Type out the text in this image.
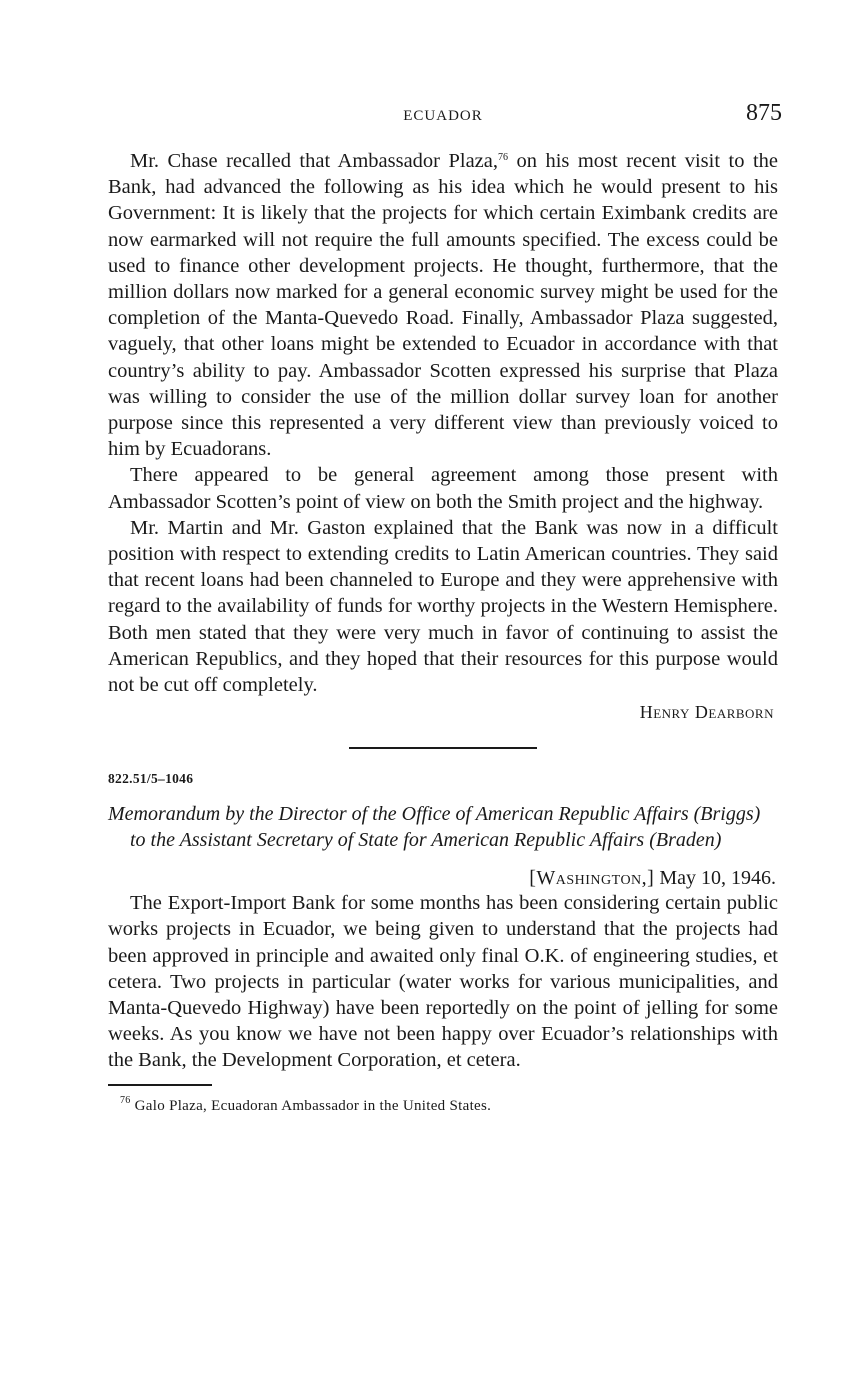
ECUADOR	875

Mr. Chase recalled that Ambassador Plaza,$^{76}$ on his most recent visit to the Bank, had advanced the following as his idea which he would present to his Government: It is likely that the projects for which certain Eximbank credits are now earmarked will not require the full amounts specified. The excess could be used to finance other development projects. He thought, furthermore, that the million dollars now marked for a general economic survey might be used for the completion of the Manta-Quevedo Road. Finally, Ambassador Plaza suggested, vaguely, that other loans might be extended to Ecuador in accordance with that country’s ability to pay. Ambassador Scotten expressed his surprise that Plaza was willing to consider the use of the million dollar survey loan for another purpose since this represented a very different view than previously voiced to him by Ecuadorans.

There appeared to be general agreement among those present with Ambassador Scotten’s point of view on both the Smith project and the highway.

Mr. Martin and Mr. Gaston explained that the Bank was now in a difficult position with respect to extending credits to Latin American countries. They said that recent loans had been channeled to Europe and they were apprehensive with regard to the availability of funds for worthy projects in the Western Hemisphere. Both men stated that they were very much in favor of continuing to assist the American Republics, and they hoped that their resources for this purpose would not be cut off completely.

Henry Dearborn
822.51/5–1046
Memorandum by the Director of the Office of American Republic Affairs (Briggs) to the Assistant Secretary of State for American Republic Affairs (Braden)
[Washington,] May 10, 1946.

The Export-Import Bank for some months has been considering certain public works projects in Ecuador, we being given to understand that the projects had been approved in principle and awaited only final O.K. of engineering studies, et cetera. Two projects in particular (water works for various municipalities, and Manta-Quevedo Highway) have been reportedly on the point of jelling for some weeks. As you know we have not been happy over Ecuador’s relationships with the Bank, the Development Corporation, et cetera.

$^{76}$ Galo Plaza, Ecuadoran Ambassador in the United States.
